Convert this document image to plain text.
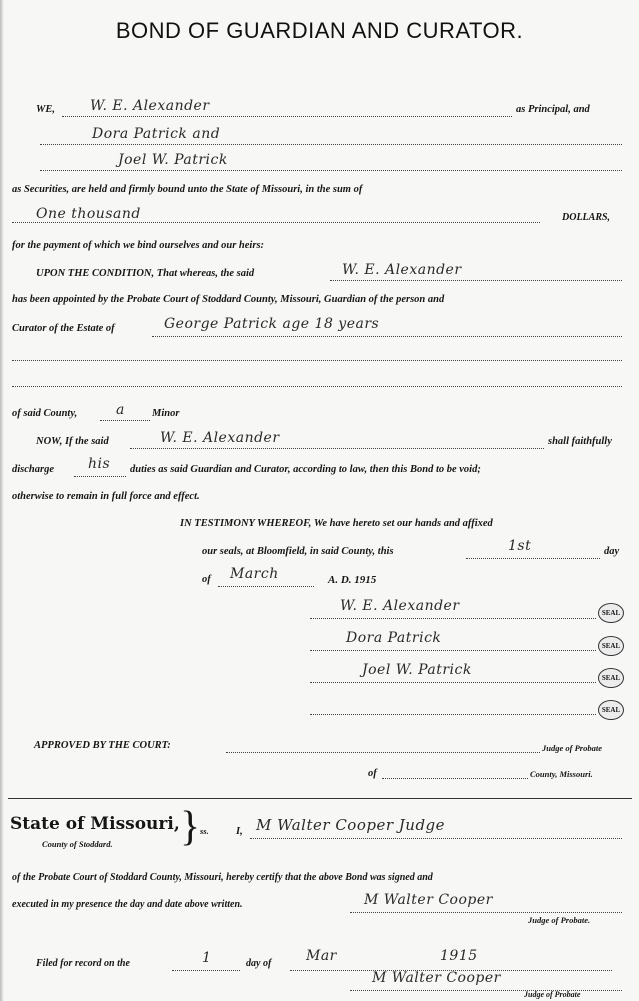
BOND OF GUARDIAN AND CURATOR.
WE,	W. E. Alexander	as Principal, and
Dora Patrick and
Joel W. Patrick
as Securities, are held and firmly bound unto the State of Missouri, in the sum of
One thousand	DOLLARS,
for the payment of which we bind ourselves and our heirs:
UPON THE CONDITION, That whereas, the said	W. E. Alexander
has been appointed by the Probate Court of Stoddard County, Missouri, Guardian of the person and
Curator of the Estate of	George Patrick age 18 years
of said County,	a	Minor
NOW, If the said	W. E. Alexander	shall faithfully
discharge his duties as said Guardian and Curator, according to law, then this Bond to be void;
otherwise to remain in full force and effect.
IN TESTIMONY WHEREOF, We have hereto set our hands and affixed
our seals, at Bloomfield, in said County, this	1st	day
of March	A. D. 1915
W. E. Alexander	SEAL
Dora Patrick	SEAL
Joel W. Patrick	SEAL
SEAL
APPROVED BY THE COURT:	Judge of Probate
of	County, Missouri.
State of Missouri,
County of Stoddard. } ss.	I, M Walter Cooper Judge
of the Probate Court of Stoddard County, Missouri, hereby certify that the above Bond was signed and
executed in my presence the day and date above written.	M Walter Cooper
Judge of Probate.
Filed for record on the	1	day of Mar	1915
M Walter Cooper
Judge of Probate
